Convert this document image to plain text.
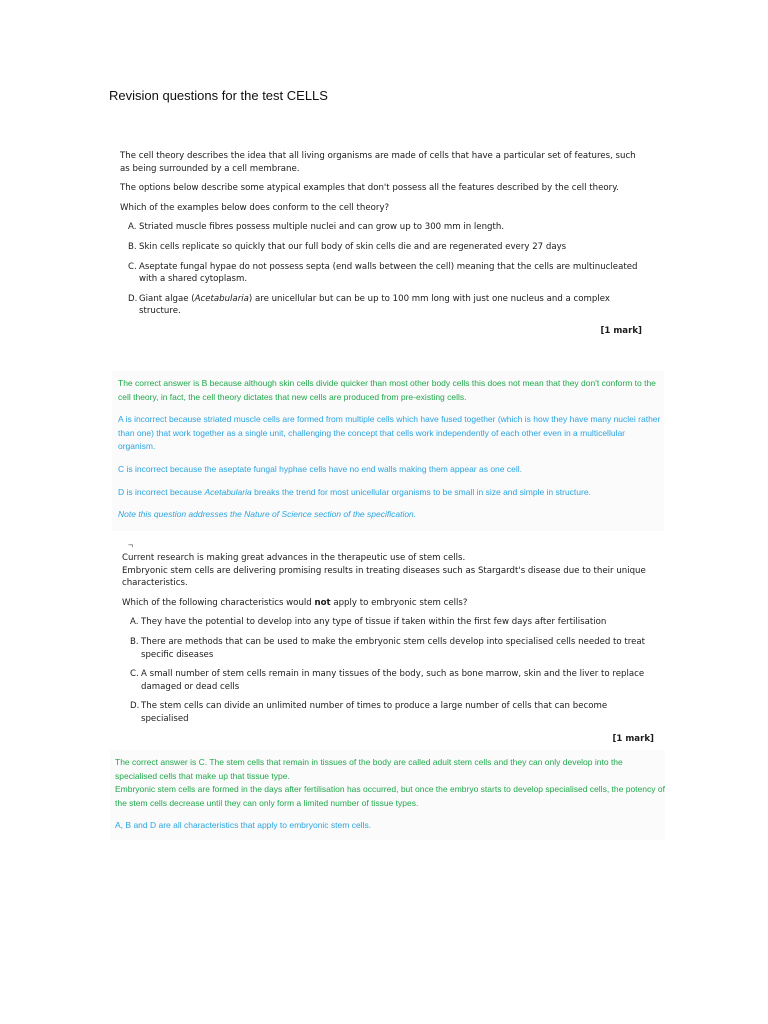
Revision questions for the test CELLS

The cell theory describes the idea that all living organisms are made of cells that have a particular set of features, such as being surrounded by a cell membrane.

The options below describe some atypical examples that don't possess all the features described by the cell theory.

Which of the examples below does conform to the cell theory?

A. Striated muscle fibres possess multiple nuclei and can grow up to 300 mm in length.
B. Skin cells replicate so quickly that our full body of skin cells die and are regenerated every 27 days
C. Aseptate fungal hypae do not possess septa (end walls between the cell) meaning that the cells are multinucleated with a shared cytoplasm.
D. Giant algae (Acetabularia) are unicellular but can be up to 100 mm long with just one nucleus and a complex structure.
[1 mark]

The correct answer is B because although skin cells divide quicker than most other body cells this does not mean that they don't conform to the cell theory, in fact, the cell theory dictates that new cells are produced from pre-existing cells.

A is incorrect because striated muscle cells are formed from multiple cells which have fused together (which is how they have many nuclei rather than one) that work together as a single unit, challenging the concept that cells work independently of each other even in a multicellular organism.

C is incorrect because the aseptate fungal hyphae cells have no end walls making them appear as one cell.

D is incorrect because Acetabularia breaks the trend for most unicellular organisms to be small in size and simple in structure.

Note this question addresses the Nature of Science section of the specification.

¬

Current research is making great advances in the therapeutic use of stem cells.
Embryonic stem cells are delivering promising results in treating diseases such as Stargardt's disease due to their unique characteristics.

Which of the following characteristics would not apply to embryonic stem cells?

A. They have the potential to develop into any type of tissue if taken within the first few days after fertilisation
B. There are methods that can be used to make the embryonic stem cells develop into specialised cells needed to treat specific diseases
C. A small number of stem cells remain in many tissues of the body, such as bone marrow, skin and the liver to replace damaged or dead cells
D. The stem cells can divide an unlimited number of times to produce a large number of cells that can become specialised
[1 mark]

The correct answer is C. The stem cells that remain in tissues of the body are called adult stem cells and they can only develop into the specialised cells that make up that tissue type.
Embryonic stem cells are formed in the days after fertilisation has occurred, but once the embryo starts to develop specialised cells, the potency of the stem cells decrease until they can only form a limited number of tissue types.

A, B and D are all characteristics that apply to embryonic stem cells.
